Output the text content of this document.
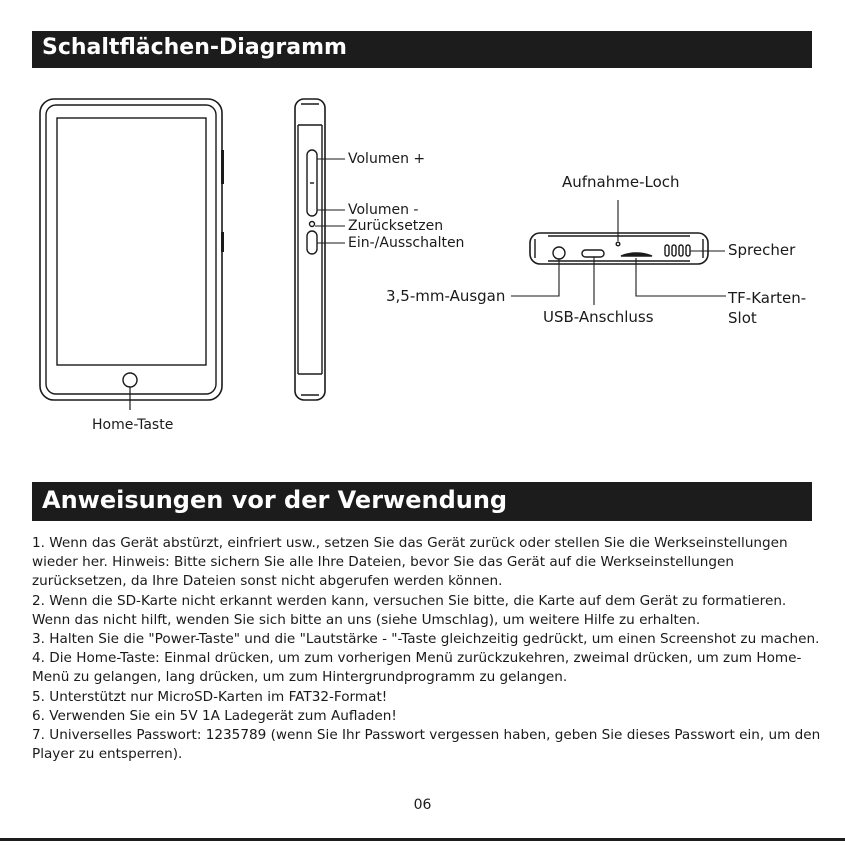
Schaltflächen-Diagramm
Volumen +
Volumen -
Zurücksetzen
Ein-/Ausschalten
Home-Taste
Aufnahme-Loch
Sprecher
3,5-mm-Ausgan
USB-Anschluss
TF-Karten-
Slot
Anweisungen vor der Verwendung

1. Wenn das Gerät abstürzt, einfriert usw., setzen Sie das Gerät zurück oder stellen Sie die Werkseinstellungen wieder her. Hinweis: Bitte sichern Sie alle Ihre Dateien, bevor Sie das Gerät auf die Werkseinstellungen zurücksetzen, da Ihre Dateien sonst nicht abgerufen werden können.

2. Wenn die SD-Karte nicht erkannt werden kann, versuchen Sie bitte, die Karte auf dem Gerät zu formatieren. Wenn das nicht hilft, wenden Sie sich bitte an uns (siehe Umschlag), um weitere Hilfe zu erhalten.

3. Halten Sie die "Power-Taste" und die "Lautstärke - "-Taste gleichzeitig gedrückt, um einen Screenshot zu machen.

4. Die Home-Taste: Einmal drücken, um zum vorherigen Menü zurückzukehren, zweimal drücken, um zum Home-Menü zu gelangen, lang drücken, um zum Hintergrundprogramm zu gelangen.

5. Unterstützt nur MicroSD-Karten im FAT32-Format!

6. Verwenden Sie ein 5V 1A Ladegerät zum Aufladen!

7. Universelles Passwort: 1235789 (wenn Sie Ihr Passwort vergessen haben, geben Sie dieses Passwort ein, um den Player zu entsperren).

06
